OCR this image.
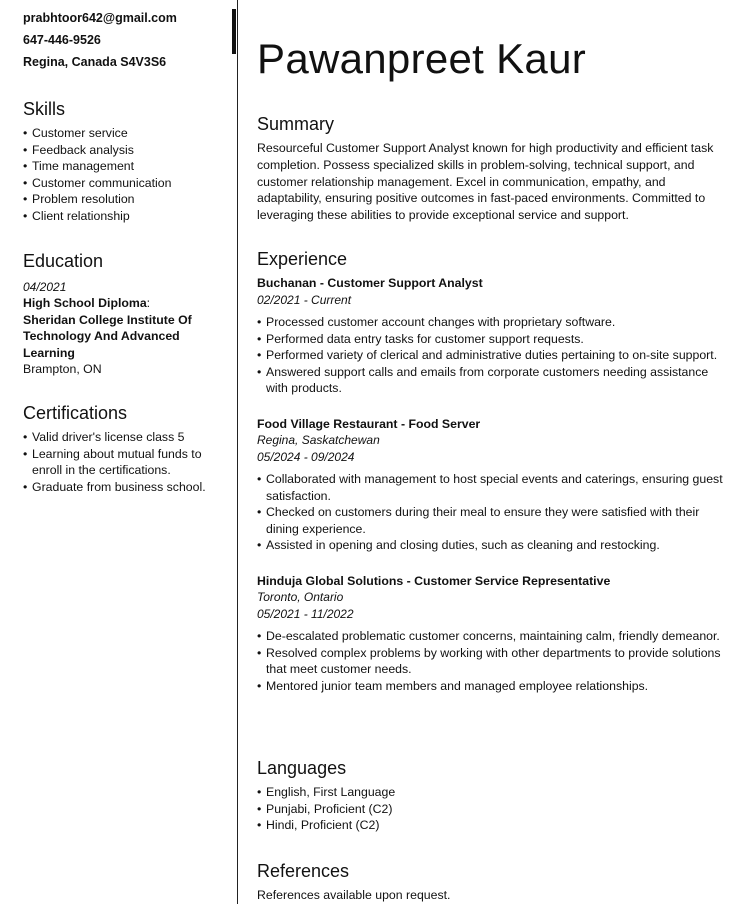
prabhtoor642@gmail.com
647-446-9526
Regina, Canada S4V3S6
Skills
• Customer service
• Feedback analysis
• Time management
• Customer communication
• Problem resolution
• Client relationship
Education
04/2021
High School Diploma:
Sheridan College Institute Of Technology And Advanced Learning
Brampton, ON
Certifications
• Valid driver's license class 5
• Learning about mutual funds to enroll in the certifications.
• Graduate from business school.
Pawanpreet Kaur
Summary
Resourceful Customer Support Analyst known for high productivity and efficient task completion. Possess specialized skills in problem-solving, technical support, and customer relationship management. Excel in communication, empathy, and adaptability, ensuring positive outcomes in fast-paced environments. Committed to leveraging these abilities to provide exceptional service and support.
Experience
Buchanan - Customer Support Analyst
02/2021 - Current
• Processed customer account changes with proprietary software.
• Performed data entry tasks for customer support requests.
• Performed variety of clerical and administrative duties pertaining to on-site support.
• Answered support calls and emails from corporate customers needing assistance with products.
Food Village Restaurant - Food Server
Regina, Saskatchewan
05/2024 - 09/2024
• Collaborated with management to host special events and caterings, ensuring guest satisfaction.
• Checked on customers during their meal to ensure they were satisfied with their dining experience.
• Assisted in opening and closing duties, such as cleaning and restocking.
Hinduja Global Solutions - Customer Service Representative
Toronto, Ontario
05/2021 - 11/2022
• De-escalated problematic customer concerns, maintaining calm, friendly demeanor.
• Resolved complex problems by working with other departments to provide solutions that meet customer needs.
• Mentored junior team members and managed employee relationships.
Languages
• English, First Language
• Punjabi, Proficient (C2)
• Hindi, Proficient (C2)
References
References available upon request.
